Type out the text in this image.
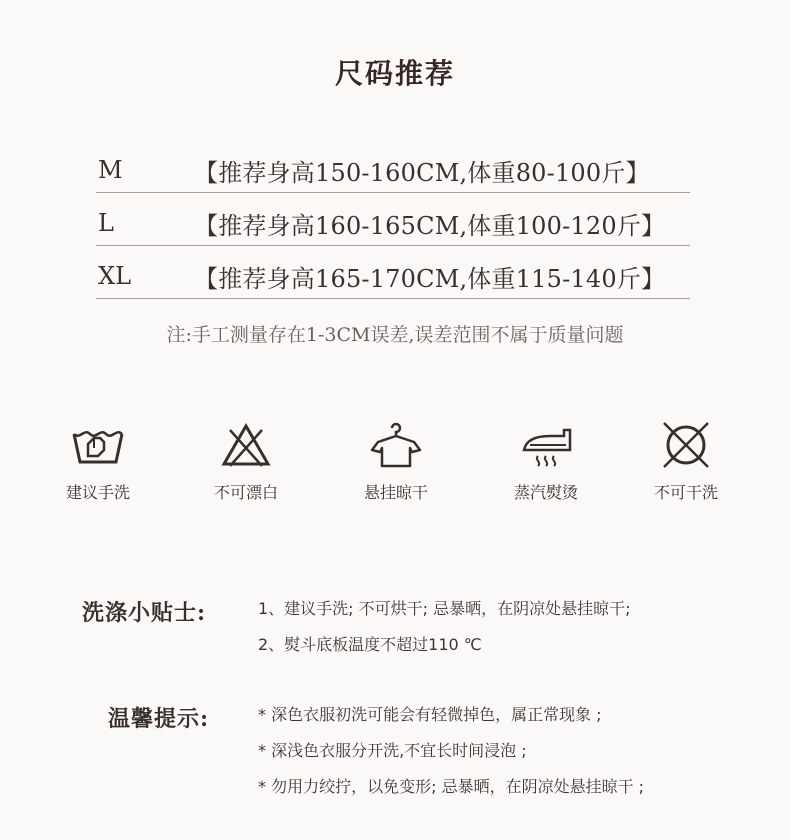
尺码推荐
M	【推荐身高150-160CM,体重80-100斤】
L	【推荐身高160-165CM,体重100-120斤】
XL	【推荐身高165-170CM,体重115-140斤】
注:手工测量存在1-3CM误差,误差范围不属于质量问题
建议手洗	不可漂白	悬挂晾干	蒸汽熨烫	不可干洗
洗涤小贴士:	1、建议手洗; 不可烘干; 忌暴晒，在阴凉处悬挂晾干;
2、熨斗底板温度不超过110 ℃
温馨提示:	* 深色衣服初洗可能会有轻微掉色，属正常现象 ;
* 深浅色衣服分开洗,不宜长时间浸泡 ;
* 勿用力绞拧，以免变形; 忌暴晒，在阴凉处悬挂晾干 ;
